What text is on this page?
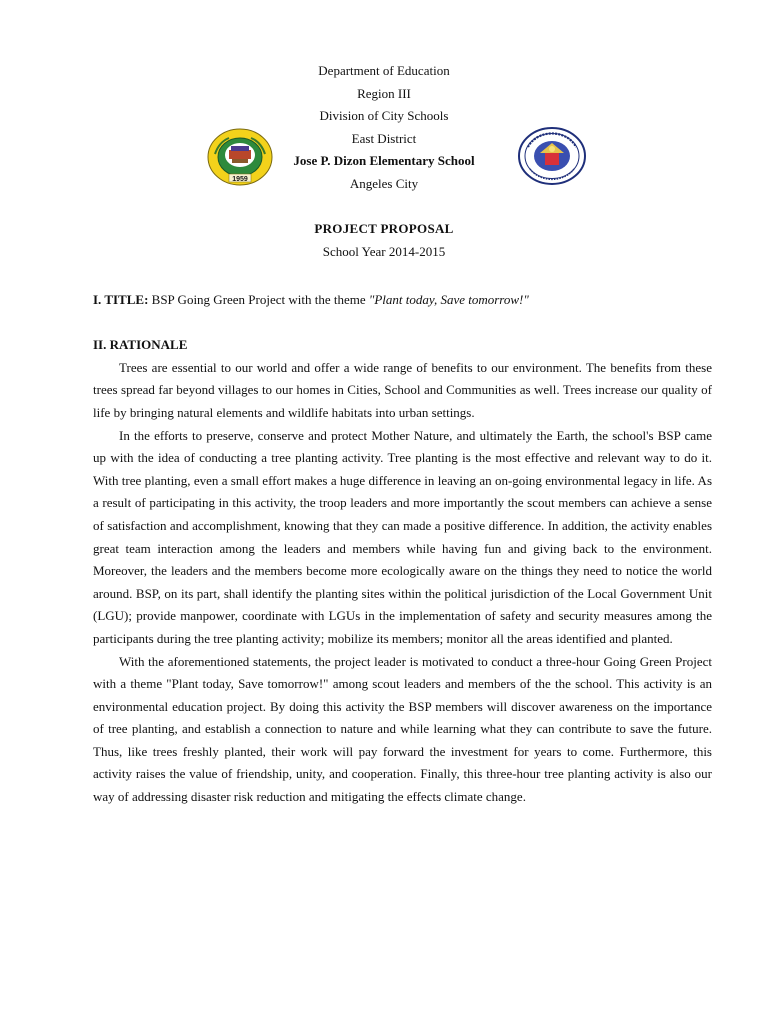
1959
Department of Education
Region III
Division of City Schools
East District
Jose P. Dizon Elementary School
Angeles City
PROJECT PROPOSAL
School Year 2014-2015

I. TITLE: BSP Going Green Project with the theme "Plant today, Save tomorrow!"

II. RATIONALE

Trees are essential to our world and offer a wide range of benefits to our environment. The benefits from these trees spread far beyond villages to our homes in Cities, School and Communities as well. Trees increase our quality of life by bringing natural elements and wildlife habitats into urban settings.

In the efforts to preserve, conserve and protect Mother Nature, and ultimately the Earth, the school's BSP came up with the idea of conducting a tree planting activity. Tree planting is the most effective and relevant way to do it. With tree planting, even a small effort makes a huge difference in leaving an on-going environmental legacy in life. As a result of participating in this activity, the troop leaders and more importantly the scout members can achieve a sense of satisfaction and accomplishment, knowing that they can made a positive difference. In addition, the activity enables great team interaction among the leaders and members while having fun and giving back to the environment. Moreover, the leaders and the members become more ecologically aware on the things they need to notice the world around. BSP, on its part, shall identify the planting sites within the political jurisdiction of the Local Government Unit (LGU); provide manpower, coordinate with LGUs in the implementation of safety and security measures among the participants during the tree planting activity; mobilize its members; monitor all the areas identified and planted.

With the aforementioned statements, the project leader is motivated to conduct a three-hour Going Green Project with a theme "Plant today, Save tomorrow!" among scout leaders and members of the the school. This activity is an environmental education project. By doing this activity the BSP members will discover awareness on the importance of tree planting, and establish a connection to nature and while learning what they can contribute to save the future. Thus, like trees freshly planted, their work will pay forward the investment for years to come. Furthermore, this activity raises the value of friendship, unity, and cooperation. Finally, this three-hour tree planting activity is also our way of addressing disaster risk reduction and mitigating the effects climate change.
